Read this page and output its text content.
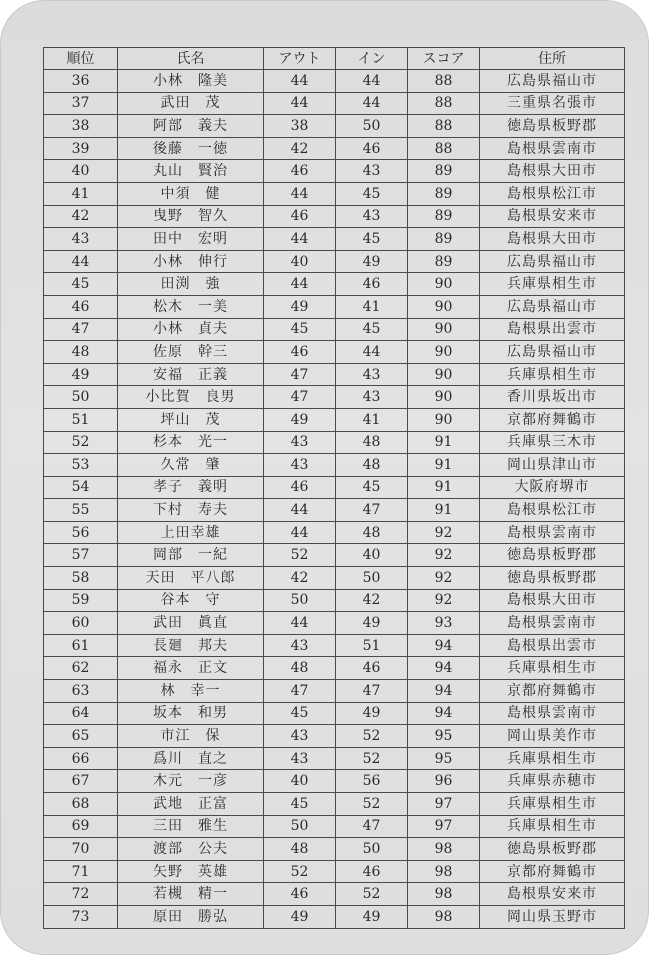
順位	氏名	アウト	イン	スコア	住所
36	小林　隆美	44	44	88	広島県福山市
37	武田　茂	44	44	88	三重県名張市
38	阿部　義夫	38	50	88	徳島県板野郡
39	後藤　一徳	42	46	88	島根県雲南市
40	丸山　賢治	46	43	89	島根県大田市
41	中須　健	44	45	89	島根県松江市
42	曳野　智久	46	43	89	島根県安来市
43	田中　宏明	44	45	89	島根県大田市
44	小林　伸行	40	49	89	広島県福山市
45	田渕　強	44	46	90	兵庫県相生市
46	松木　一美	49	41	90	広島県福山市
47	小林　貞夫	45	45	90	島根県出雲市
48	佐原　幹三	46	44	90	広島県福山市
49	安福　正義	47	43	90	兵庫県相生市
50	小比賀　良男	47	43	90	香川県坂出市
51	坪山　茂	49	41	90	京都府舞鶴市
52	杉本　光一	43	48	91	兵庫県三木市
53	久常　肇	43	48	91	岡山県津山市
54	孝子　義明	46	45	91	大阪府堺市
55	下村　寿夫	44	47	91	島根県松江市
56	上田幸雄	44	48	92	島根県雲南市
57	岡部　一紀	52	40	92	徳島県板野郡
58	天田　平八郎	42	50	92	徳島県板野郡
59	谷本　守	50	42	92	島根県大田市
60	武田　眞直	44	49	93	島根県雲南市
61	長廻　邦夫	43	51	94	島根県出雲市
62	福永　正文	48	46	94	兵庫県相生市
63	林　幸一	47	47	94	京都府舞鶴市
64	坂本　和男	45	49	94	島根県雲南市
65	市江　保	43	52	95	岡山県美作市
66	爲川　直之	43	52	95	兵庫県相生市
67	木元　一彦	40	56	96	兵庫県赤穂市
68	武地　正富	45	52	97	兵庫県相生市
69	三田　雅生	50	47	97	兵庫県相生市
70	渡部　公夫	48	50	98	徳島県板野郡
71	矢野　英雄	52	46	98	京都府舞鶴市
72	若槻　精一	46	52	98	島根県安来市
73	原田　勝弘	49	49	98	岡山県玉野市
